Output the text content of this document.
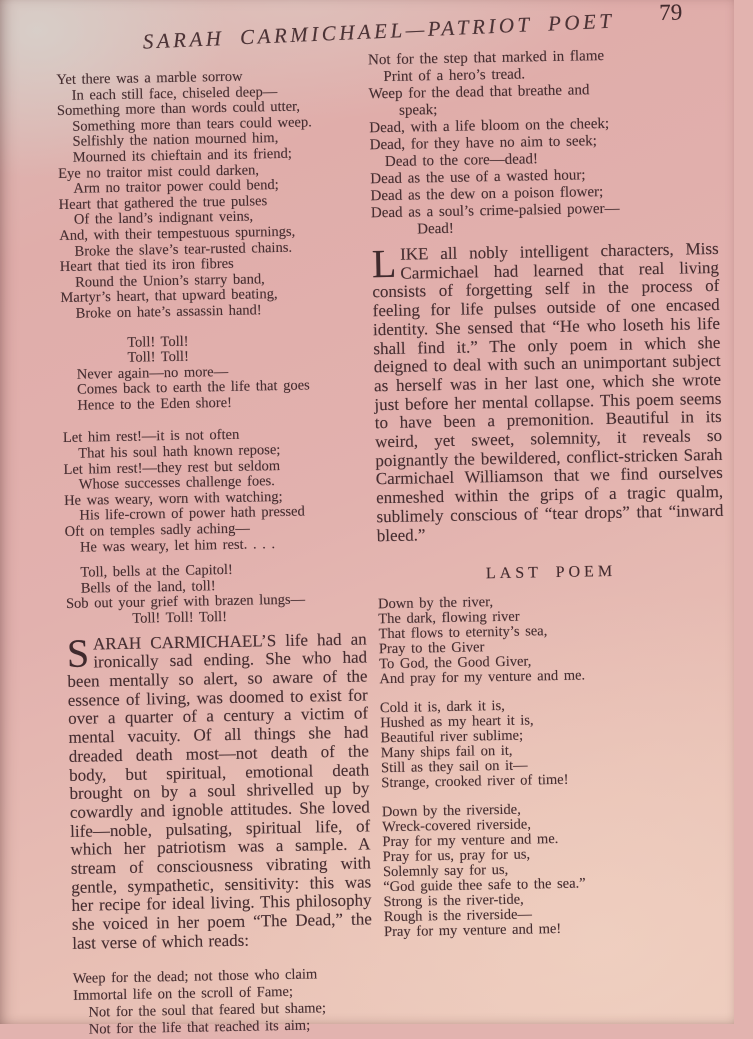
SARAH CARMICHAEL—PATRIOT POET 79
Yet there was a marble sorrow
In each still face, chiseled deep—
Something more than words could utter,
Something more than tears could weep.
Selfishly the nation mourned him,
Mourned its chieftain and its friend;
Eye no traitor mist could darken,
Arm no traitor power could bend;
Heart that gathered the true pulses
Of the land’s indignant veins,
And, with their tempestuous spurnings,
Broke the slave’s tear-rusted chains.
Heart that tied its iron fibres
Round the Union’s starry band,
Martyr’s heart, that upward beating,
Broke on hate’s assassin hand!
Toll! Toll!
Toll! Toll!
Never again—no more—
Comes back to earth the life that goes
Hence to the Eden shore!
Let him rest!—it is not often
That his soul hath known repose;
Let him rest!—they rest but seldom
Whose successes challenge foes.
He was weary, worn with watching;
His life-crown of power hath pressed
Oft on temples sadly aching—
He was weary, let him rest. . . .
Toll, bells at the Capitol!
Bells of the land, toll!
Sob out your grief with brazen lungs—
Toll! Toll! Toll!

SARAH CARMICHAEL’S life had an ironically sad ending. She who had been mentally so alert, so aware of the essence of living, was doomed to exist for over a quarter of a century a victim of mental vacuity. Of all things she had dreaded death most—not death of the body, but spiritual, emotional death brought on by a soul shrivelled up by cowardly and ignoble attitudes. She loved life—noble, pulsating, spiritual life, of which her patriotism was a sample. A stream of consciousness vibrating with gentle, sympathetic, sensitivity: this was her recipe for ideal living. This philosophy she voiced in her poem “The Dead,” the last verse of which reads:

Weep for the dead; not those who claim
Immortal life on the scroll of Fame;
Not for the soul that feared but shame;
Not for the life that reached its aim;
Not for the step that marked in flame
Print of a hero’s tread.
Weep for the dead that breathe and
speak;
Dead, with a life bloom on the cheek;
Dead, for they have no aim to seek;
Dead to the core—dead!
Dead as the use of a wasted hour;
Dead as the dew on a poison flower;
Dead as a soul’s crime-palsied power—
Dead!

LIKE all nobly intelligent characters, Miss Carmichael had learned that real living consists of forgetting self in the process of feeling for life pulses outside of one encased identity. She sensed that “He who loseth his life shall find it.” The only poem in which she deigned to deal with such an unimportant subject as herself was in her last one, which she wrote just before her mental collapse. This poem seems to have been a premonition. Beautiful in its weird, yet sweet, solemnity, it reveals so poignantly the bewildered, conflict-stricken Sarah Carmichael Williamson that we find ourselves enmeshed within the grips of a tragic qualm, sublimely conscious of “tear drops” that “inward bleed.”

LAST POEM
Down by the river,
The dark, flowing river
That flows to eternity’s sea,
Pray to the Giver
To God, the Good Giver,
And pray for my venture and me.
Cold it is, dark it is,
Hushed as my heart it is,
Beautiful river sublime;
Many ships fail on it,
Still as they sail on it—
Strange, crooked river of time!
Down by the riverside,
Wreck-covered riverside,
Pray for my venture and me.
Pray for us, pray for us,
Solemnly say for us,
“God guide thee safe to the sea.”
Strong is the river-tide,
Rough is the riverside—
Pray for my venture and me!
